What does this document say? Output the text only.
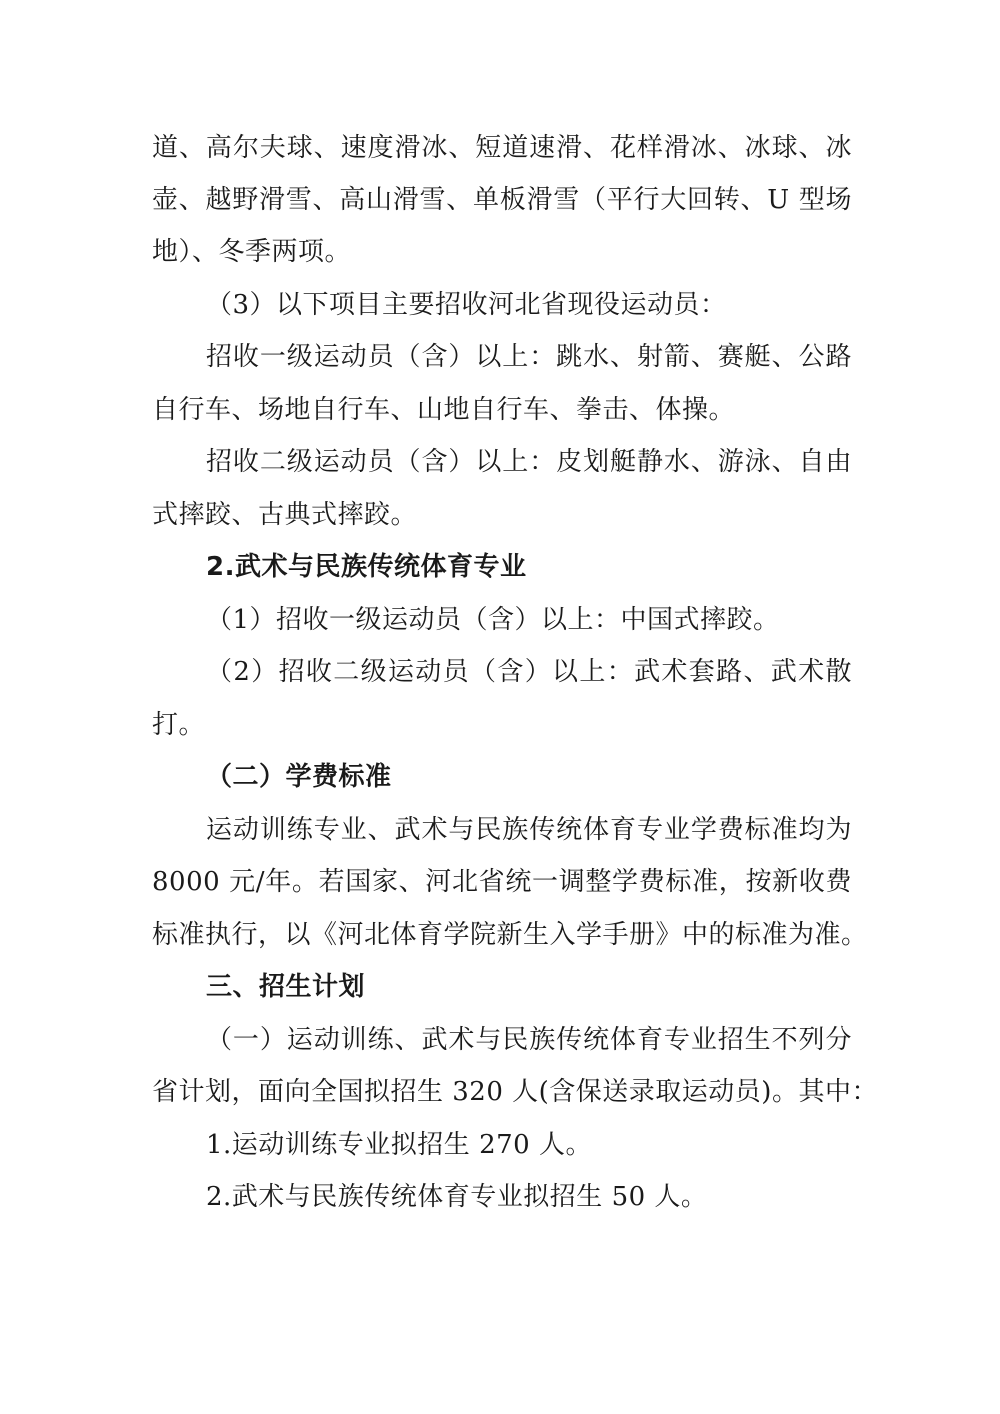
道、高尔夫球、速度滑冰、短道速滑、花样滑冰、冰球、冰
壶、越野滑雪、高山滑雪、单板滑雪（平行大回转、U 型场
地）、冬季两项。
（3）以下项目主要招收河北省现役运动员：
招收一级运动员（含）以上：跳水、射箭、赛艇、公路
自行车、场地自行车、山地自行车、拳击、体操。
招收二级运动员（含）以上：皮划艇静水、游泳、自由
式摔跤、古典式摔跤。
2.武术与民族传统体育专业
（1）招收一级运动员（含）以上：中国式摔跤。
（2）招收二级运动员（含）以上：武术套路、武术散
打。
（二）学费标准
运动训练专业、武术与民族传统体育专业学费标准均为
8000 元/年。若国家、河北省统一调整学费标准，按新收费
标准执行，以《河北体育学院新生入学手册》中的标准为准。
三、招生计划
（一）运动训练、武术与民族传统体育专业招生不列分
省计划，面向全国拟招生 320 人(含保送录取运动员)。其中：
1.运动训练专业拟招生 270 人。
2.武术与民族传统体育专业拟招生 50 人。
